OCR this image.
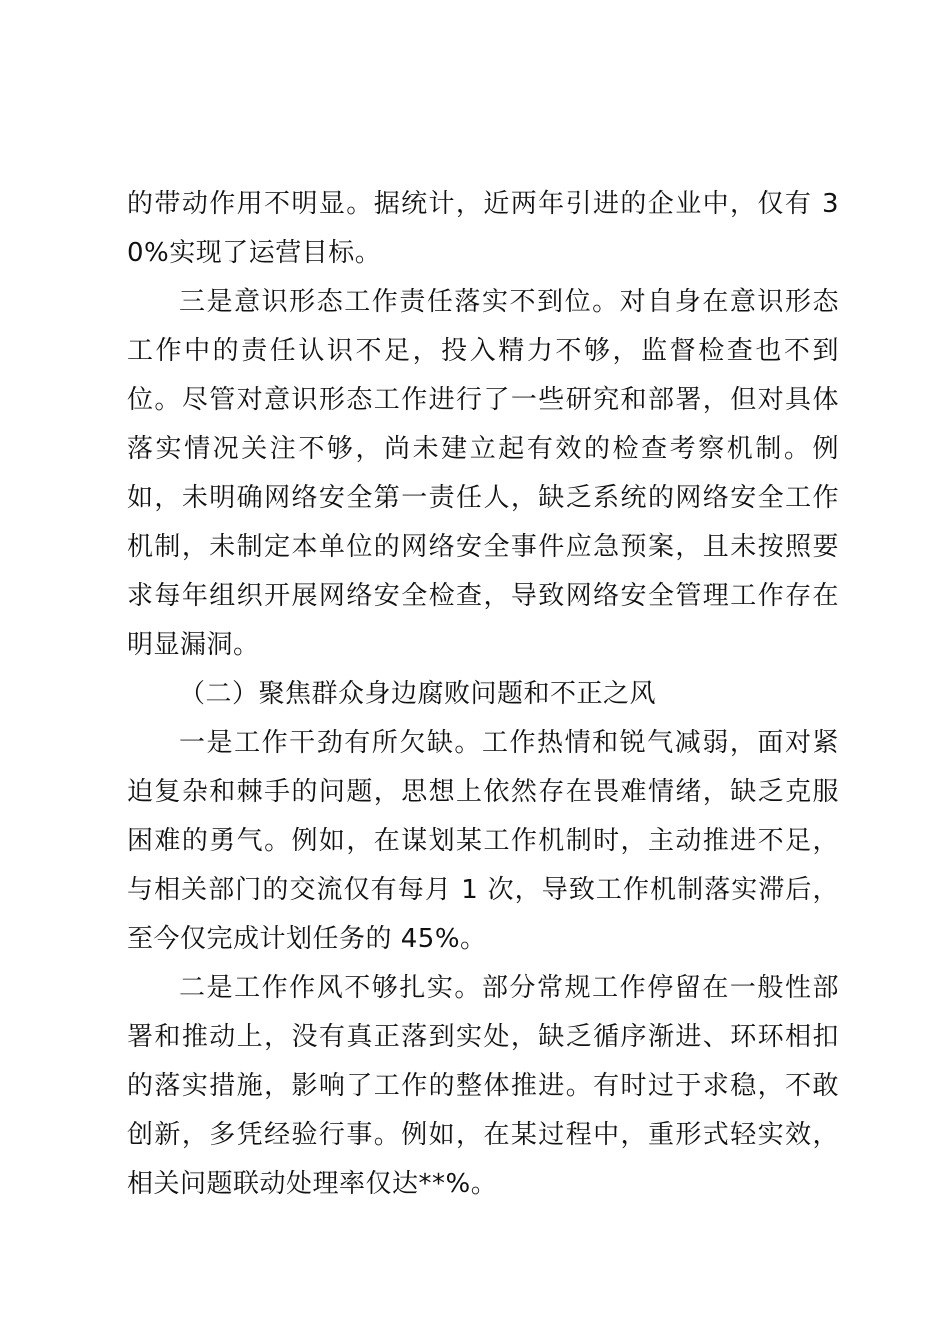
的带动作用不明显。据统计，近两年引进的企业中，仅有 30%实现了运营目标。

三是意识形态工作责任落实不到位。对自身在意识形态工作中的责任认识不足，投入精力不够，监督检查也不到位。尽管对意识形态工作进行了一些研究和部署，但对具体落实情况关注不够，尚未建立起有效的检查考察机制。例如，未明确网络安全第一责任人，缺乏系统的网络安全工作机制，未制定本单位的网络安全事件应急预案，且未按照要求每年组织开展网络安全检查，导致网络安全管理工作存在明显漏洞。

（二）聚焦群众身边腐败问题和不正之风

一是工作干劲有所欠缺。工作热情和锐气减弱，面对紧迫复杂和棘手的问题，思想上依然存在畏难情绪，缺乏克服困难的勇气。例如，在谋划某工作机制时，主动推进不足，与相关部门的交流仅有每月 1 次，导致工作机制落实滞后，至今仅完成计划任务的 45%。

二是工作作风不够扎实。部分常规工作停留在一般性部署和推动上，没有真正落到实处，缺乏循序渐进、环环相扣的落实措施，影响了工作的整体推进。有时过于求稳，不敢创新，多凭经验行事。例如，在某过程中，重形式轻实效，相关问题联动处理率仅达**%。
